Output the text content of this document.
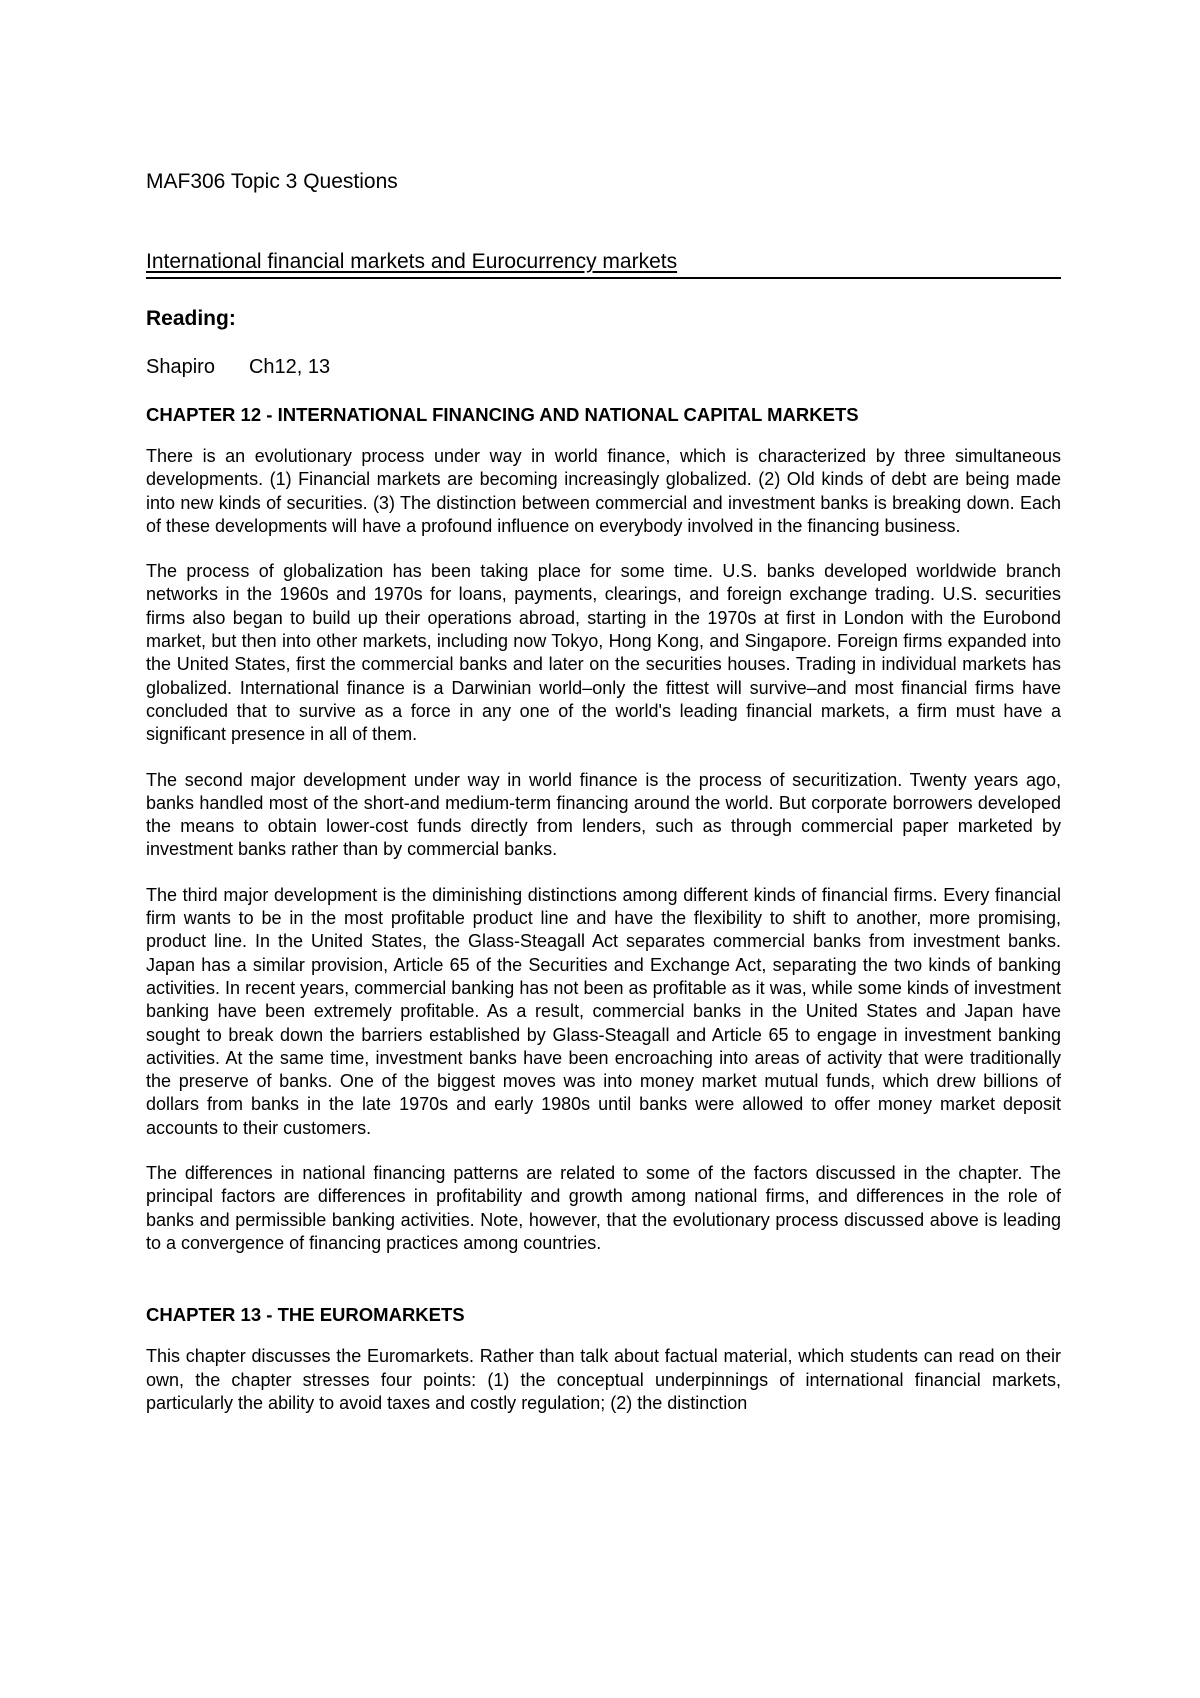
MAF306 Topic 3 Questions
International financial markets and Eurocurrency markets

Reading:

Shapiro Ch12, 13

CHAPTER 12 - INTERNATIONAL FINANCING AND NATIONAL CAPITAL MARKETS

There is an evolutionary process under way in world finance, which is characterized by three simultaneous developments. (1) Financial markets are becoming increasingly globalized. (2) Old kinds of debt are being made into new kinds of securities. (3) The distinction between commercial and investment banks is breaking down. Each of these developments will have a profound influence on everybody involved in the financing business.

The process of globalization has been taking place for some time. U.S. banks developed worldwide branch networks in the 1960s and 1970s for loans, payments, clearings, and foreign exchange trading. U.S. securities firms also began to build up their operations abroad, starting in the 1970s at first in London with the Eurobond market, but then into other markets, including now Tokyo, Hong Kong, and Singapore. Foreign firms expanded into the United States, first the commercial banks and later on the securities houses. Trading in individual markets has globalized. International finance is a Darwinian world–only the fittest will survive–and most financial firms have concluded that to survive as a force in any one of the world's leading financial markets, a firm must have a significant presence in all of them.

The second major development under way in world finance is the process of securitization. Twenty years ago, banks handled most of the short-and medium-term financing around the world. But corporate borrowers developed the means to obtain lower-cost funds directly from lenders, such as through commercial paper marketed by investment banks rather than by commercial banks.

The third major development is the diminishing distinctions among different kinds of financial firms. Every financial firm wants to be in the most profitable product line and have the flexibility to shift to another, more promising, product line. In the United States, the Glass-Steagall Act separates commercial banks from investment banks. Japan has a similar provision, Article 65 of the Securities and Exchange Act, separating the two kinds of banking activities. In recent years, commercial banking has not been as profitable as it was, while some kinds of investment banking have been extremely profitable. As a result, commercial banks in the United States and Japan have sought to break down the barriers established by Glass-Steagall and Article 65 to engage in investment banking activities. At the same time, investment banks have been encroaching into areas of activity that were traditionally the preserve of banks. One of the biggest moves was into money market mutual funds, which drew billions of dollars from banks in the late 1970s and early 1980s until banks were allowed to offer money market deposit accounts to their customers.

The differences in national financing patterns are related to some of the factors discussed in the chapter. The principal factors are differences in profitability and growth among national firms, and differences in the role of banks and permissible banking activities. Note, however, that the evolutionary process discussed above is leading to a convergence of financing practices among countries.

CHAPTER 13 - THE EUROMARKETS

This chapter discusses the Euromarkets. Rather than talk about factual material, which students can read on their own, the chapter stresses four points: (1) the conceptual underpinnings of international financial markets, particularly the ability to avoid taxes and costly regulation; (2) the distinction
